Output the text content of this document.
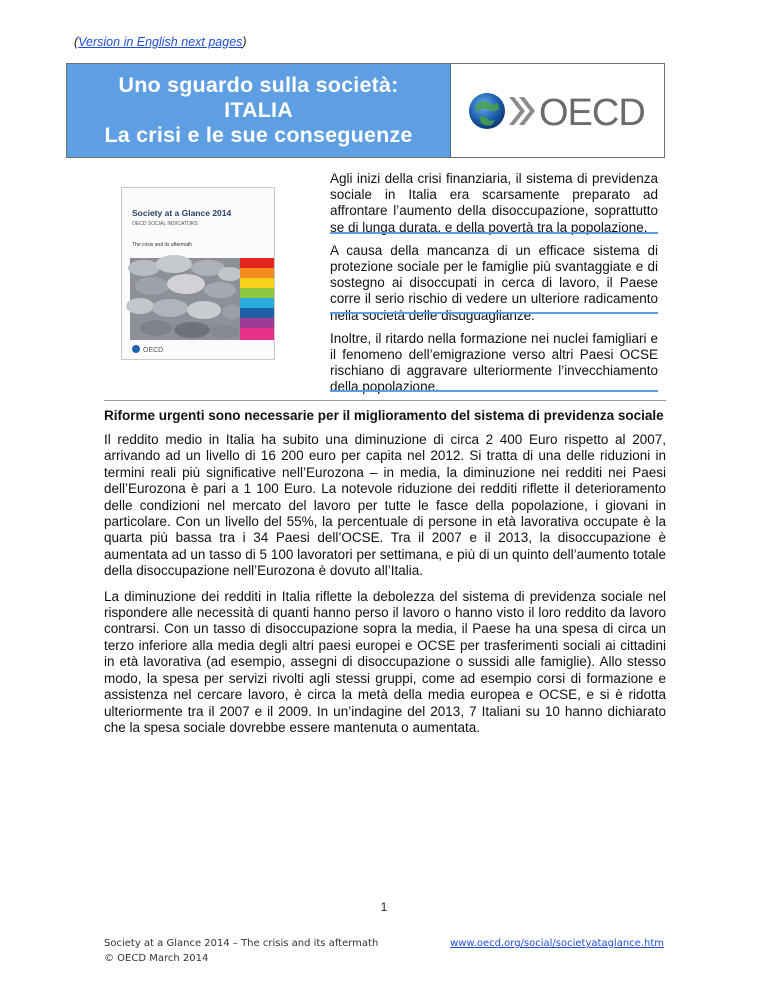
(Version in English next pages)
Uno sguardo sulla società:
ITALIA
La crisi e le sue conseguenze
OECD
Society at a Glance 2014
OECD SOCIAL INDICATORS
The crisis and its aftermath
OECD

Agli inizi della crisi finanziaria, il sistema di previdenza sociale in Italia era scarsamente preparato ad affrontare l’aumento della disoccupazione, soprattutto se di lunga durata, e della povertà tra la popolazione.

A causa della mancanza di un efficace sistema di protezione sociale per le famiglie più svantaggiate e di sostegno ai disoccupati in cerca di lavoro, il Paese corre il serio rischio di vedere un ulteriore radicamento nella società delle disuguaglianze.

Inoltre, il ritardo nella formazione nei nuclei famigliari e il fenomeno dell’emigrazione verso altri Paesi OCSE rischiano di aggravare ulteriormente l’invecchiamento della popolazione.

Riforme urgenti sono necessarie per il miglioramento del sistema di previdenza sociale

Il reddito medio in Italia ha subito una diminuzione di circa 2 400 Euro rispetto al 2007, arrivando ad un livello di 16 200 euro per capita nel 2012. Si tratta di una delle riduzioni in termini reali più significative nell’Eurozona – in media, la diminuzione nei redditi nei Paesi dell’Eurozona è pari a 1 100 Euro. La notevole riduzione dei redditi riflette il deterioramento delle condizioni nel mercato del lavoro per tutte le fasce della popolazione, i giovani in particolare. Con un livello del 55%, la percentuale di persone in età lavorativa occupate è la quarta più bassa tra i 34 Paesi dell’OCSE. Tra il 2007 e il 2013, la disoccupazione è aumentata ad un tasso di 5 100 lavoratori per settimana, e più di un quinto dell’aumento totale della disoccupazione nell’Eurozona è dovuto all’Italia.

La diminuzione dei redditi in Italia riflette la debolezza del sistema di previdenza sociale nel rispondere alle necessità di quanti hanno perso il lavoro o hanno visto il loro reddito da lavoro contrarsi. Con un tasso di disoccupazione sopra la media, il Paese ha una spesa di circa un terzo inferiore alla media degli altri paesi europei e OCSE per trasferimenti sociali ai cittadini in età lavorativa (ad esempio, assegni di disoccupazione o sussidi alle famiglie). Allo stesso modo, la spesa per servizi rivolti agli stessi gruppi, come ad esempio corsi di formazione e assistenza nel cercare lavoro, è circa la metà della media europea e OCSE, e si è ridotta ulteriormente tra il 2007 e il 2009. In un’indagine del 2013, 7 Italiani su 10 hanno dichiarato che la spesa sociale dovrebbe essere mantenuta o aumentata.

1
Society at a Glance 2014 – The crisis and its aftermath
© OECD March 2014
www.oecd.org/social/societyataglance.htm
